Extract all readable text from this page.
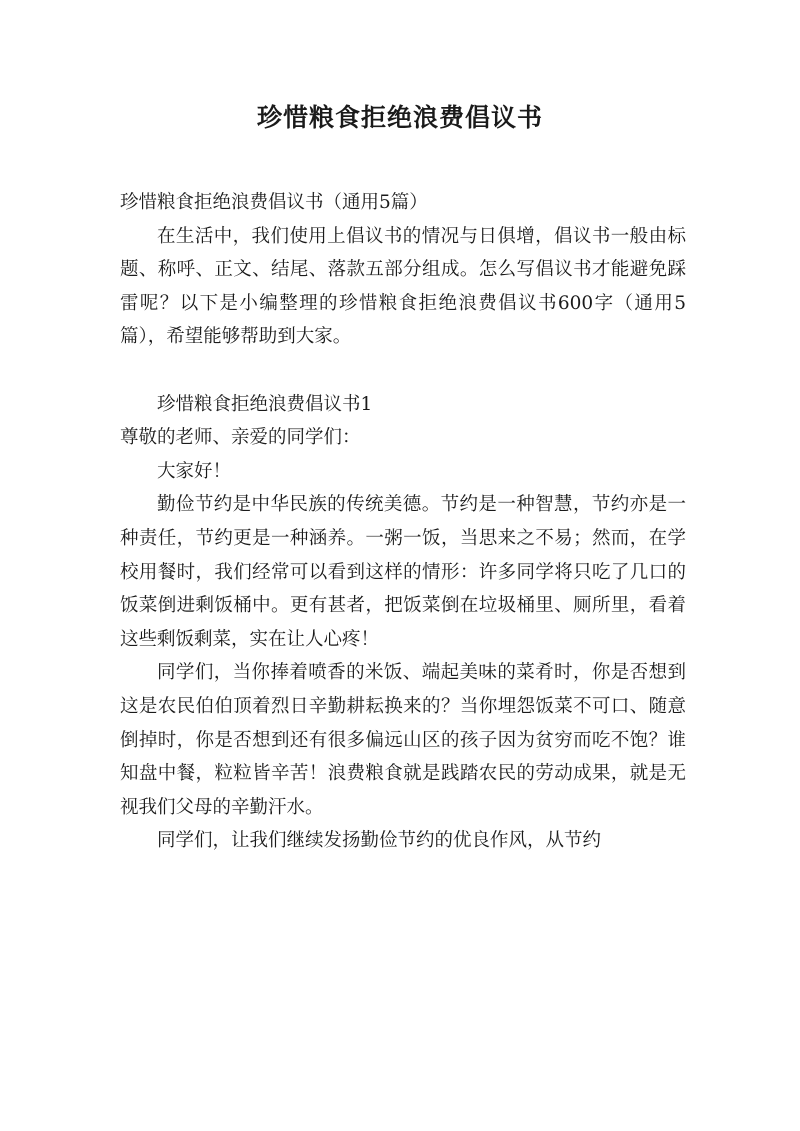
珍惜粮食拒绝浪费倡议书

珍惜粮食拒绝浪费倡议书（通用5篇）

在生活中，我们使用上倡议书的情况与日俱增，倡议书一般由标题、称呼、正文、结尾、落款五部分组成。怎么写倡议书才能避免踩雷呢？以下是小编整理的珍惜粮食拒绝浪费倡议书600字（通用5篇），希望能够帮助到大家。

珍惜粮食拒绝浪费倡议书1

尊敬的老师、亲爱的同学们：

大家好！

勤俭节约是中华民族的传统美德。节约是一种智慧，节约亦是一种责任，节约更是一种涵养。一粥一饭，当思来之不易；然而，在学校用餐时，我们经常可以看到这样的情形：许多同学将只吃了几口的饭菜倒进剩饭桶中。更有甚者，把饭菜倒在垃圾桶里、厕所里，看着这些剩饭剩菜，实在让人心疼！

同学们，当你捧着喷香的米饭、端起美味的菜肴时，你是否想到这是农民伯伯顶着烈日辛勤耕耘换来的？当你埋怨饭菜不可口、随意倒掉时，你是否想到还有很多偏远山区的孩子因为贫穷而吃不饱？谁知盘中餐，粒粒皆辛苦！浪费粮食就是践踏农民的劳动成果，就是无视我们父母的辛勤汗水。

同学们，让我们继续发扬勤俭节约的优良作风，从节约
